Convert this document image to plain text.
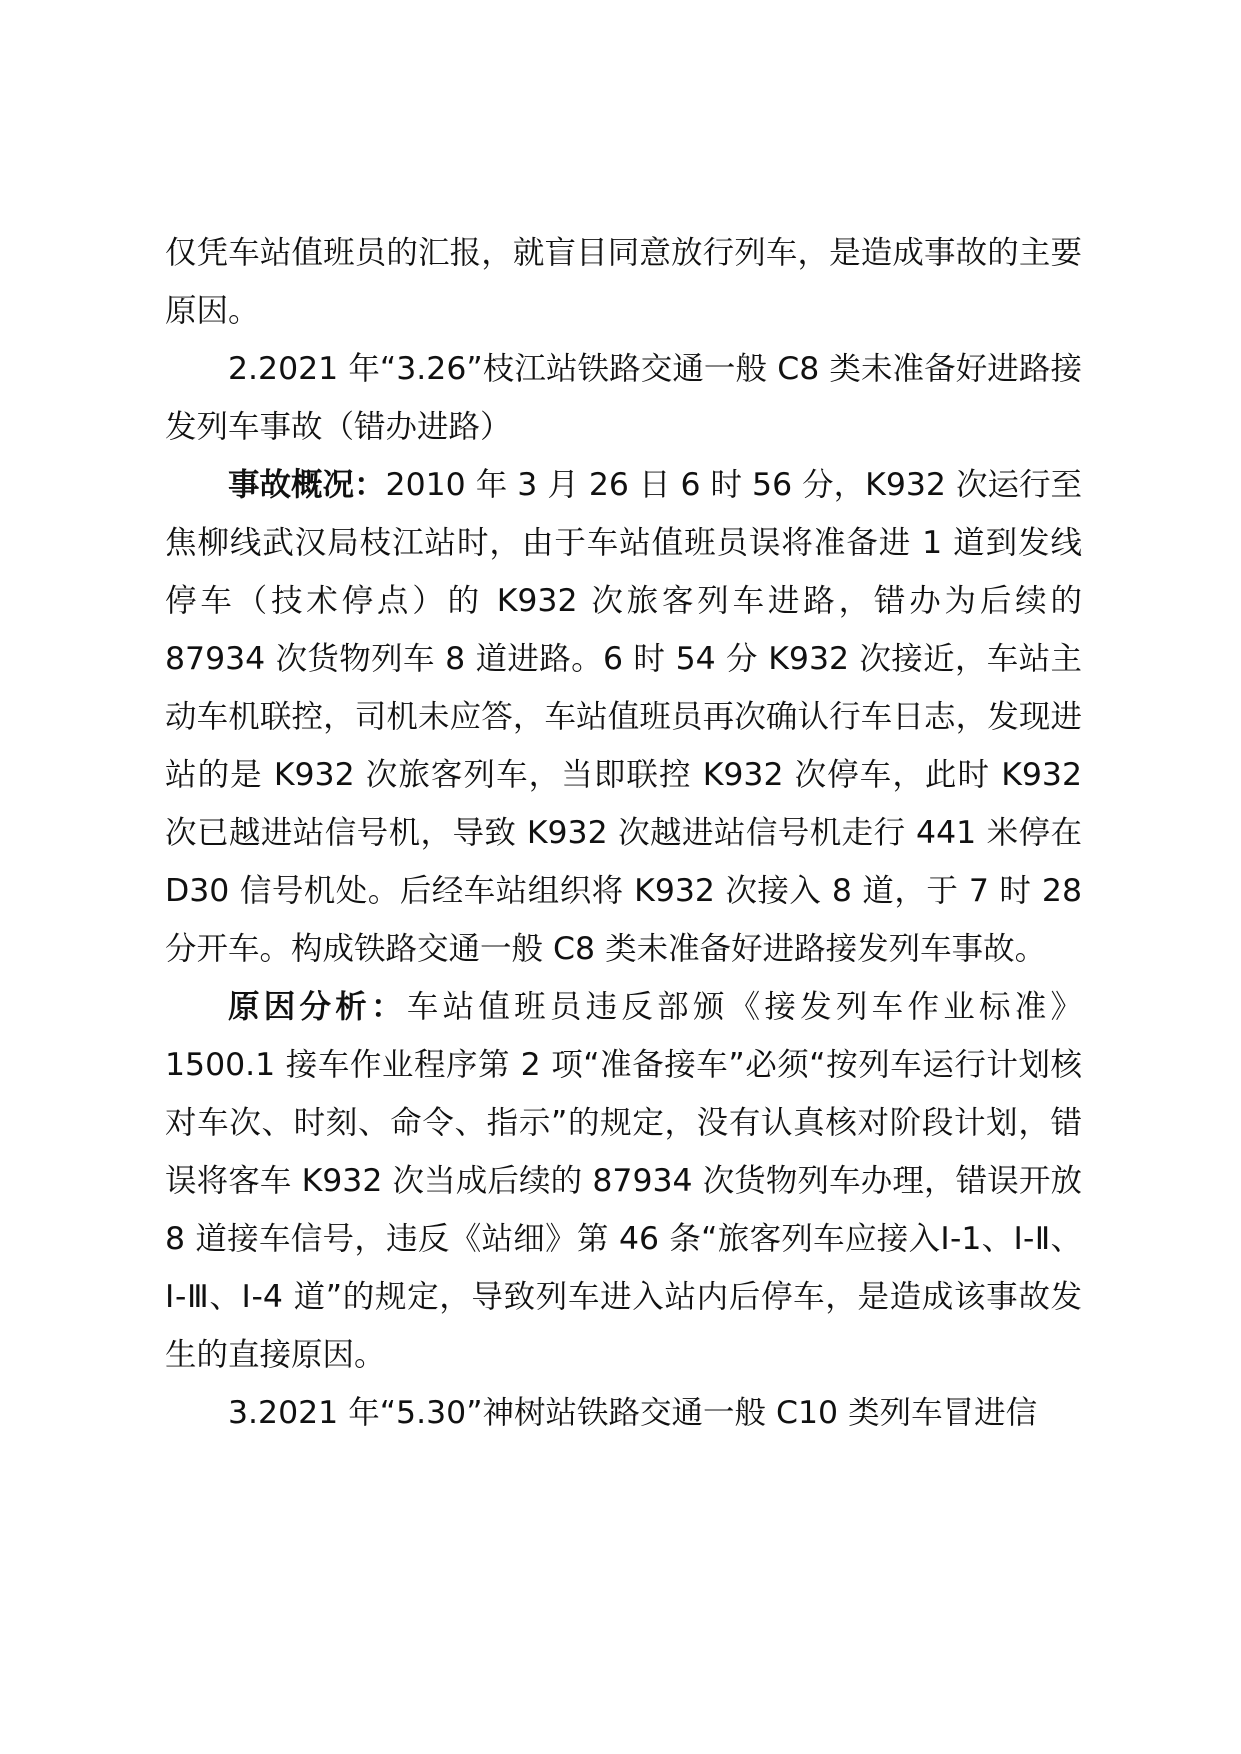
仅凭车站值班员的汇报，就盲目同意放行列车，是造成事故的主要原因。

2.2021 年“3.26”枝江站铁路交通一般 C8 类未准备好进路接发列车事故（错办进路）

事故概况：2010 年 3 月 26 日 6 时 56 分，K932 次运行至焦柳线武汉局枝江站时，由于车站值班员误将准备进 1 道到发线停车（技术停点）的 K932 次旅客列车进路，错办为后续的 87934 次货物列车 8 道进路。6 时 54 分 K932 次接近，车站主动车机联控，司机未应答，车站值班员再次确认行车日志，发现进站的是 K932 次旅客列车，当即联控 K932 次停车，此时 K932 次已越进站信号机，导致 K932 次越进站信号机走行 441 米停在 D30 信号机处。后经车站组织将 K932 次接入 8 道，于 7 时 28 分开车。构成铁路交通一般 C8 类未准备好进路接发列车事故。

原因分析：车站值班员违反部颁《接发列车作业标准》1500.1 接车作业程序第 2 项“准备接车”必须“按列车运行计划核对车次、时刻、命令、指示”的规定，没有认真核对阶段计划，错误将客车 K932 次当成后续的 87934 次货物列车办理，错误开放 8 道接车信号，违反《站细》第 46 条“旅客列车应接入Ⅰ-1、Ⅰ-Ⅱ、Ⅰ-Ⅲ、Ⅰ-4 道”的规定，导致列车进入站内后停车，是造成该事故发生的直接原因。

3.2021 年“5.30”神树站铁路交通一般 C10 类列车冒进信
